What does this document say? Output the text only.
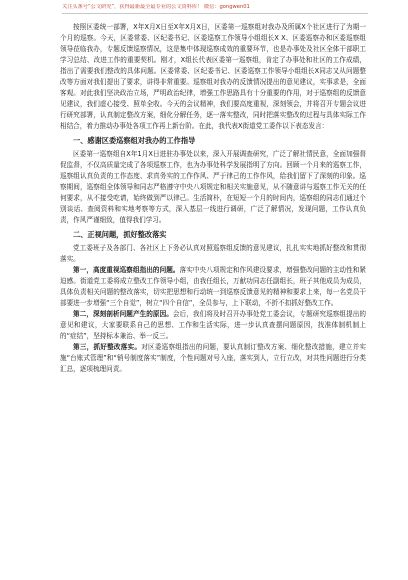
关注头条号“公文研究”，获得最新最全最专业的公文资料库！ 微信：gongwen01

按照区委统一部署，X年X月X日至X年X月X日，区委第一巡察组对我办及所属X个社区进行了为期一个月的巡察。今天，区委常委、区纪委书记、区委巡察工作领导小组组长X X、区委巡察办和区委巡察组领导莅临我办，专题反馈巡察情况，这是集中体现巡察成效的重要环节，也是办事处及社区全体干部职工学习总结、改进工作的重要契机。刚才，X组长代表区委第一巡察组，肯定了办事处和社区的工作成绩，指出了需要我们整改的具体问题。区委常委、区纪委书记、区委巡察工作领导小组组长X同志又从问题整改等方面对我们提出了要求，讲得非常重要。巡察组对我办的反馈情况提出的意见建议，实事求是，全面客观。对此我们坚决政治立场，严明政治纪律，增强工作思路具有十分重要的作用，对于巡察组的反馈意见建议，我们虚心接受、照单全收。今天的会议精神，我们要高度重视，深刻领会，并将召开专题会议进行研究部署，认真制定整改方案，细化分解任务，逐一落实整改，同时把落实整改的过程与具体实际工作相结合，着力推动办事处各项工作再上新台阶。在此，我代表X街道党工委作以下表态发言：

一、感谢区委巡察组对我办的工作指导

区委第一巡察组自X年1月X日进驻办事处以来，深入开展调查研究，广泛了解社情民意，全面加强督促监督，不仅高质量完成了各项巡察工作，也为办事处科学发展指明了方向。回顾一个月来的巡察工作，巡察组认真负责的工作态度、求真务实的工作作风、严于律己的工作作风，给我们留下了深刻的印象。巡察期间，巡察组全体领导和同志严格遵守中央八项规定和相关实施意见，从不随意讲与巡察工作无关的任何要求，从不接受吃请，始终做到严以律己。生活简朴，在短短一个月的时间内，巡察组的同志们通过个别谈话、查阅资料和实地考察等方式，深入基层一线进行调研，广泛了解情况，发现问题，工作认真负责，作风严谨细致，值得我们学习。

二、正视问题，抓好整改落实

党工委班子及各部门、各社区上下务必认真对照巡察组反馈的意见建议，扎扎实实地抓好整改和贯彻落实。

第一，高度重视巡察组指出的问题。落实中央八项规定和作风建设要求，增强整改问题的主动性和紧迫感。街道党工委将成立整改工作领导小组，由我任组长，万献功同志任副组长，班子其他成员为成员，具体负责相关问题的整改落实，切实把思想和行动统一到巡察反馈意见的精神和要求上来，每一名党员干部要进一步增强“三个自觉”，树立“四个自信”，全员参与，上下联动，不折不扣抓好整改工作。

第二，深刻剖析问题产生的原因。会后，我们将及时召开办事处党工委会议，专题研究巡察组提出的意见和建议，大家要联系自己的思想、工作和生活实际，进一步认真查摆问题原因，找准体制机制上的“症结”，坚持标本兼治、举一反三。

第三，抓好整改落实。对区委巡察组指出的问题，要认真制订整改方案、细化整改措施，建立并实施“台账式管理”和“销号制度落实”制度，个性问题对号入座，落实到人，立行立改，对共性问题进行分类汇总，逐项梳理问责。
